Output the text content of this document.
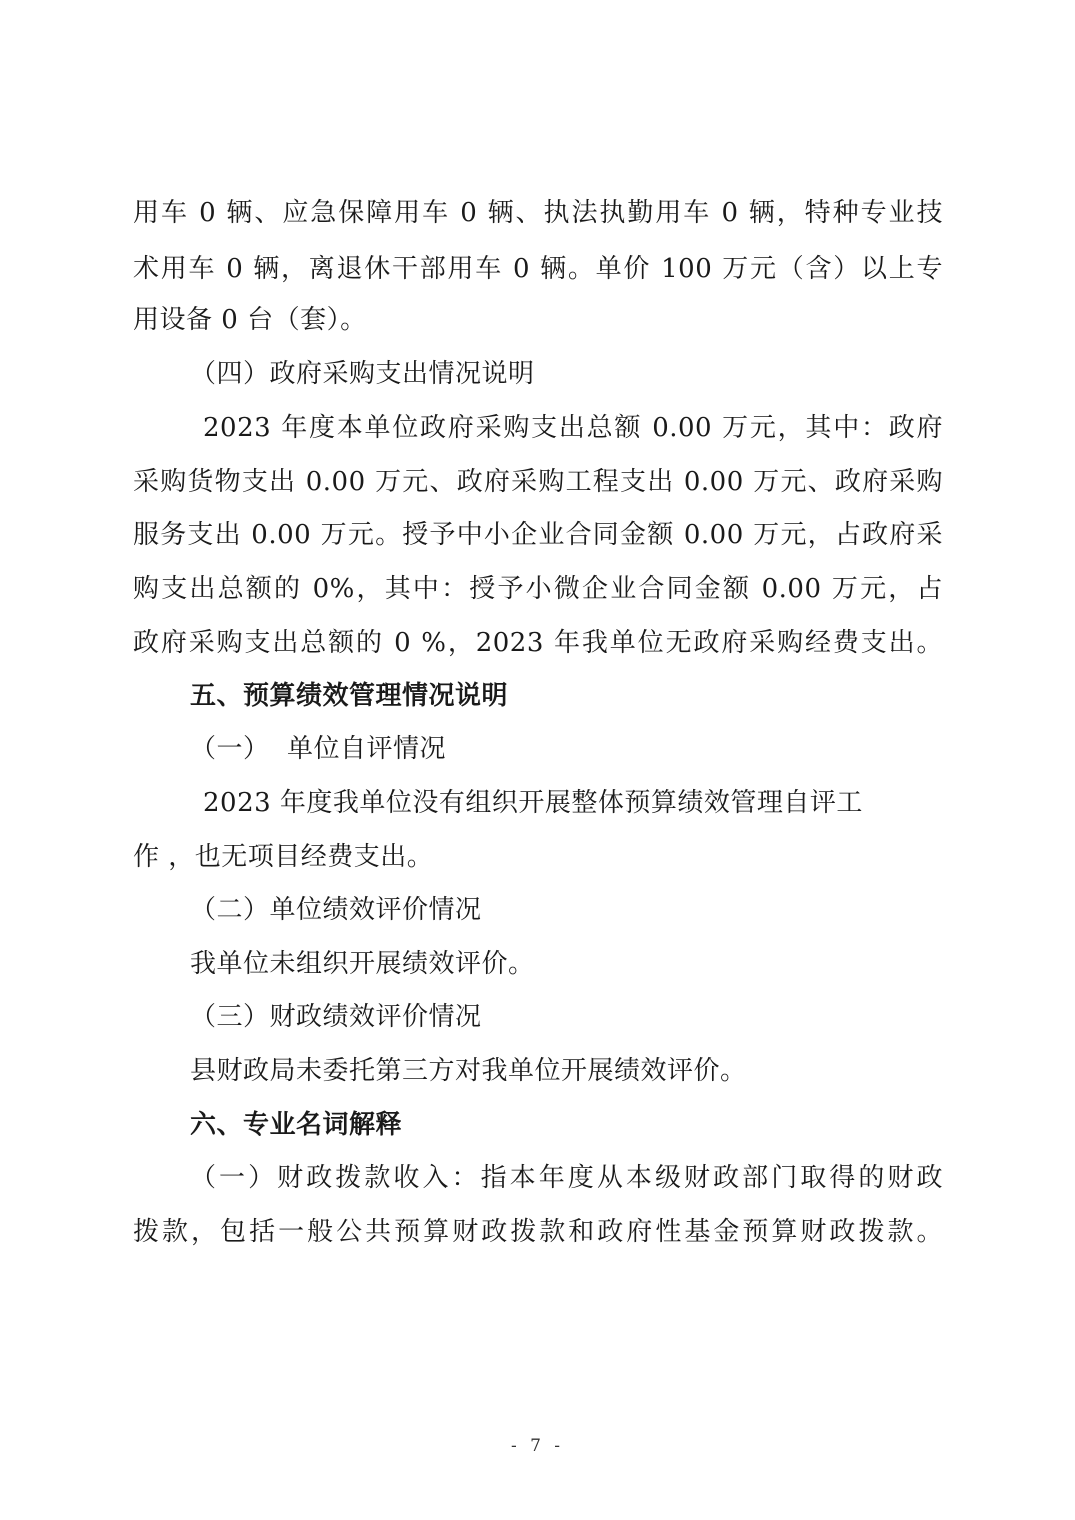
用车 0 辆、应急保障用车 0 辆、执法执勤用车 0 辆，特种专业技
术用车 0 辆，离退休干部用车 0 辆。单价 100 万元（含）以上专
用设备 0 台（套）。
（四）政府采购支出情况说明
2023 年度本单位政府采购支出总额 0.00 万元，其中：政府
采购货物支出 0.00 万元、政府采购工程支出 0.00 万元、政府采购
服务支出 0.00 万元。授予中小企业合同金额 0.00 万元，占政府采
购支出总额的 0%，其中：授予小微企业合同金额 0.00 万元，占
政府采购支出总额的 0 %，2023 年我单位无政府采购经费支出。
五、预算绩效管理情况说明
（一）  单位自评情况
2023 年度我单位没有组织开展整体预算绩效管理自评工
作 ，也无项目经费支出。
（二）单位绩效评价情况
我单位未组织开展绩效评价。
（三）财政绩效评价情况
县财政局未委托第三方对我单位开展绩效评价。
六、专业名词解释
（一）财政拨款收入：指本年度从本级财政部门取得的财政
拨款，包括一般公共预算财政拨款和政府性基金预算财政拨款。
- 7 -
